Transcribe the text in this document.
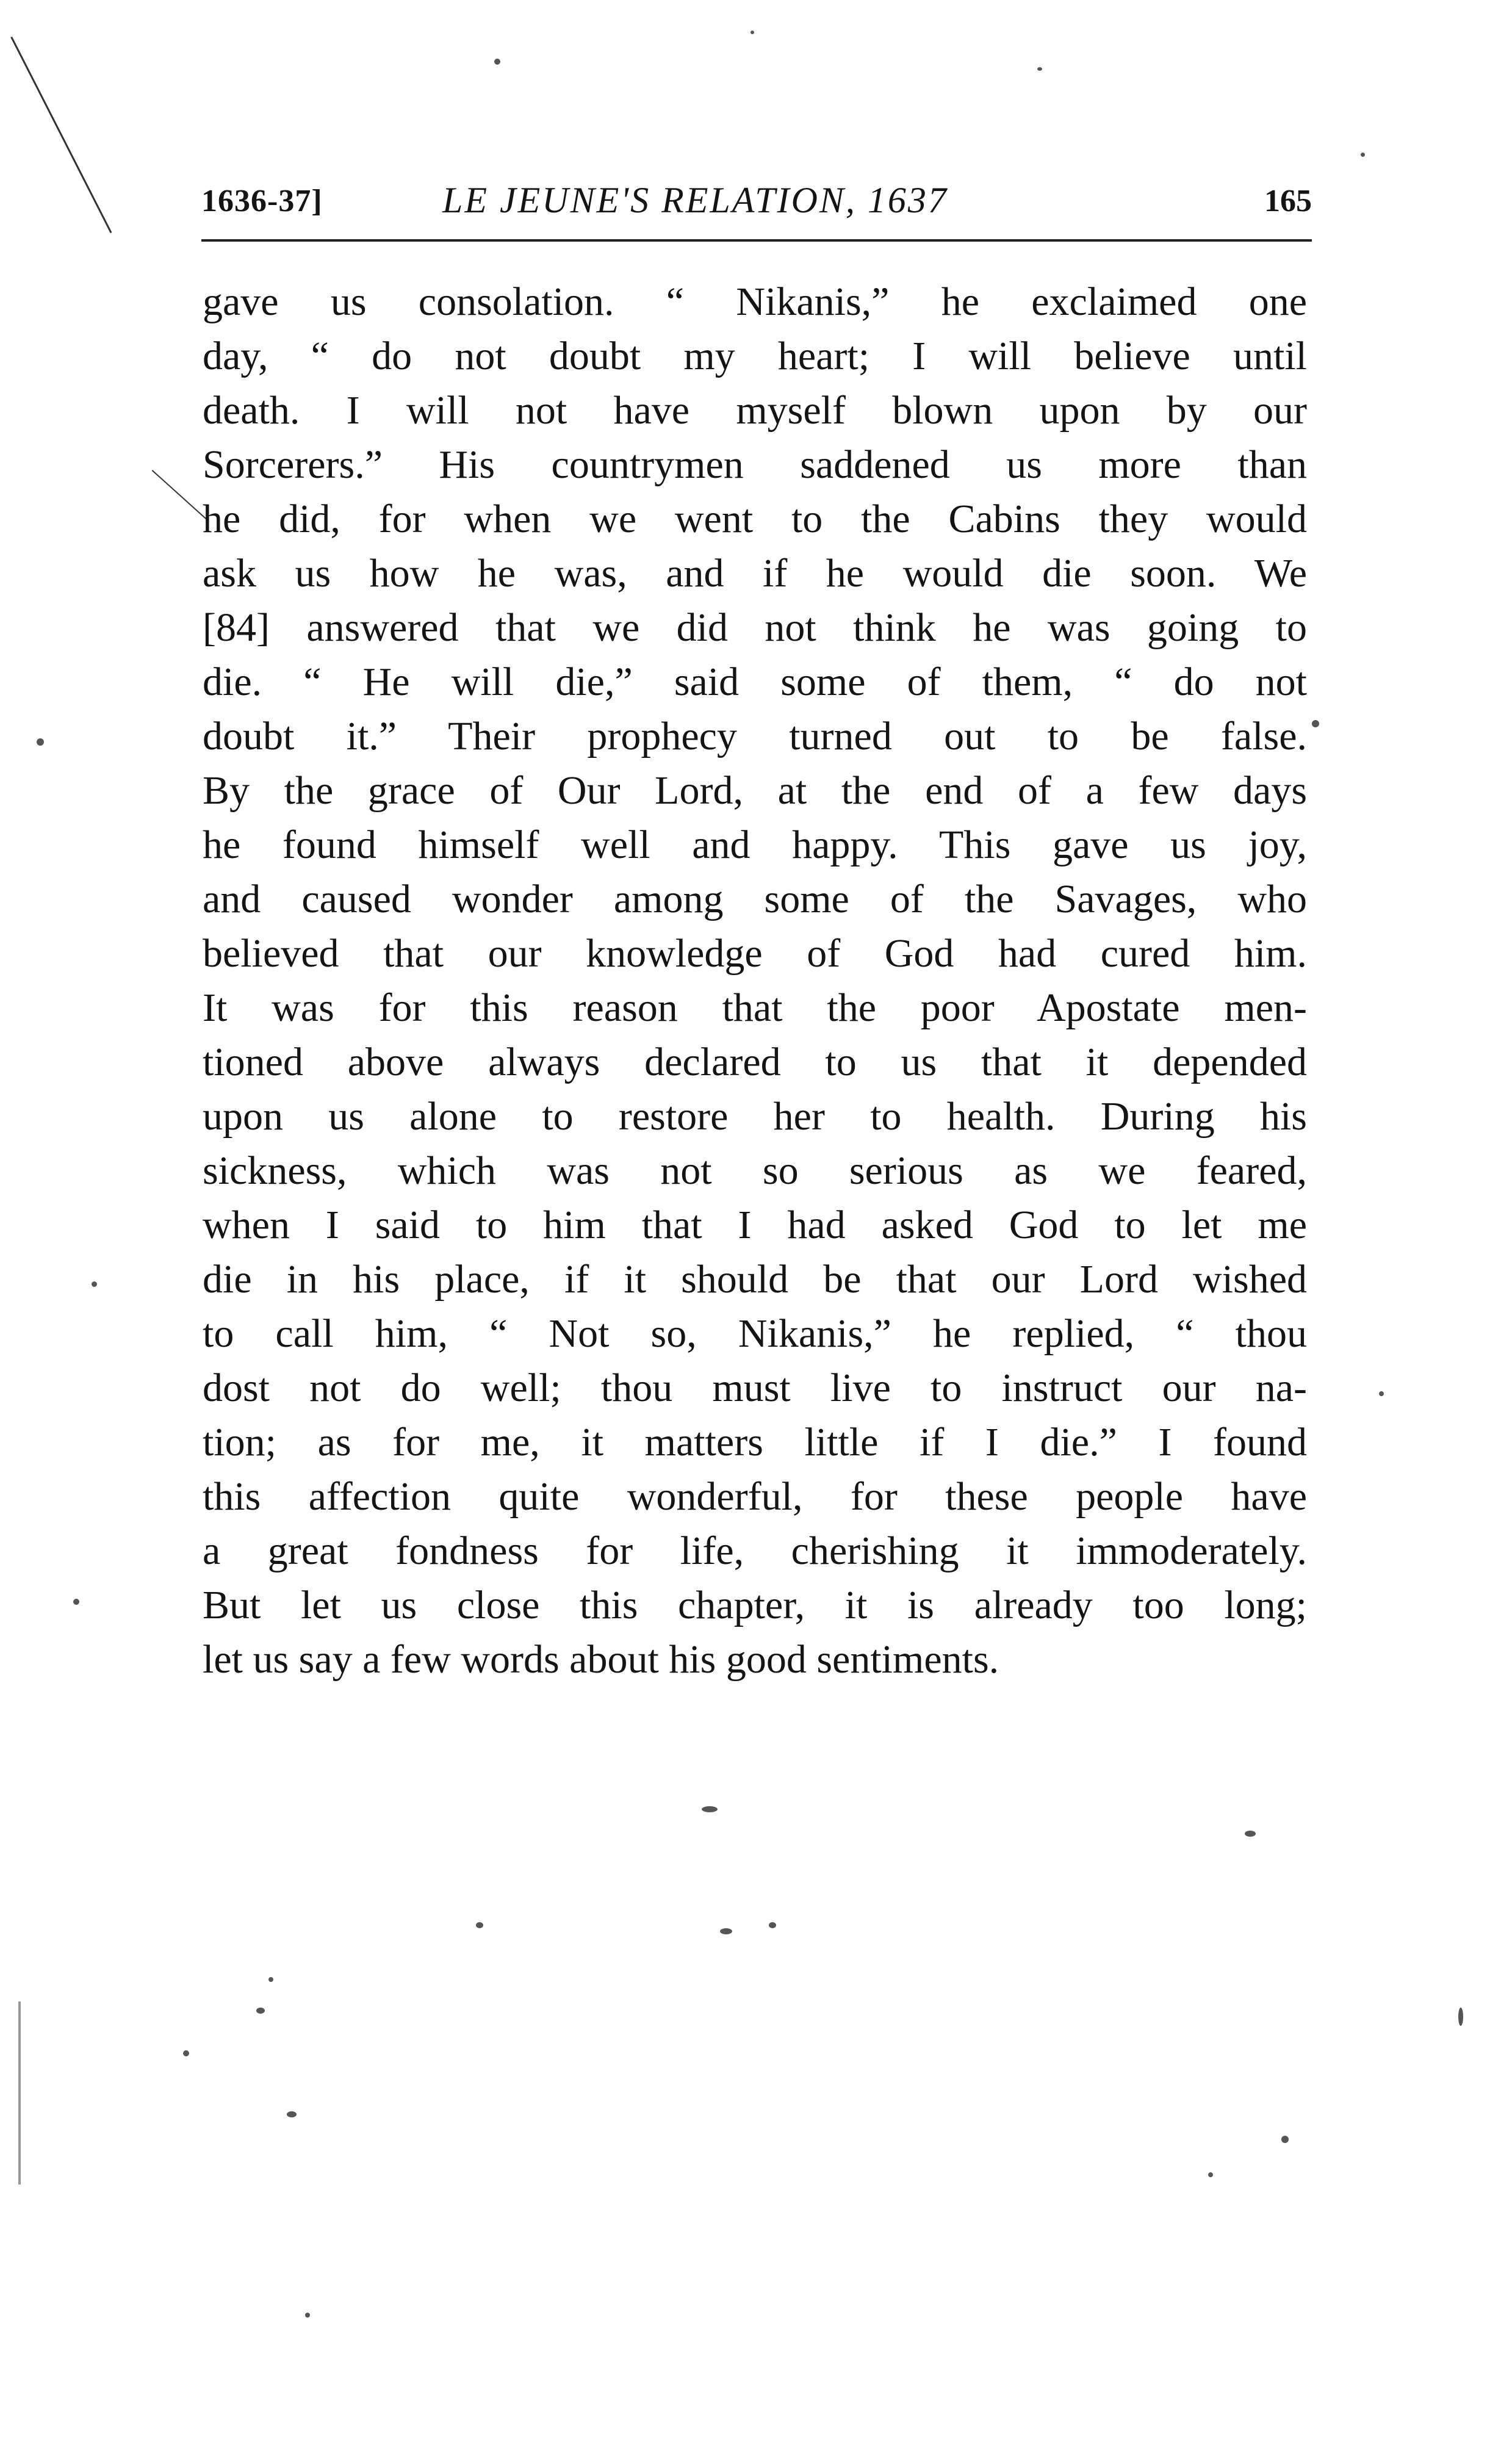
1636-37]	LE JEUNE'S RELATION, 1637	165
gave us consolation. “ Nikanis,” he exclaimed one
day, “ do not doubt my heart; I will believe until
death. I will not have myself blown upon by our
Sorcerers.” His countrymen saddened us more than
he did, for when we went to the Cabins they would
ask us how he was, and if he would die soon. We
[84] answered that we did not think he was going to
die. “ He will die,” said some of them, “ do not
doubt it.” Their prophecy turned out to be false.
By the grace of Our Lord, at the end of a few days
he found himself well and happy. This gave us joy,
and caused wonder among some of the Savages, who
believed that our knowledge of God had cured him.
It was for this reason that the poor Apostate men-
tioned above always declared to us that it depended
upon us alone to restore her to health. During his
sickness, which was not so serious as we feared,
when I said to him that I had asked God to let me
die in his place, if it should be that our Lord wished
to call him, “ Not so, Nikanis,” he replied, “ thou
dost not do well; thou must live to instruct our na-
tion; as for me, it matters little if I die.” I found
this affection quite wonderful, for these people have
a great fondness for life, cherishing it immoderately.
But let us close this chapter, it is already too long;
let us say a few words about his good sentiments.
